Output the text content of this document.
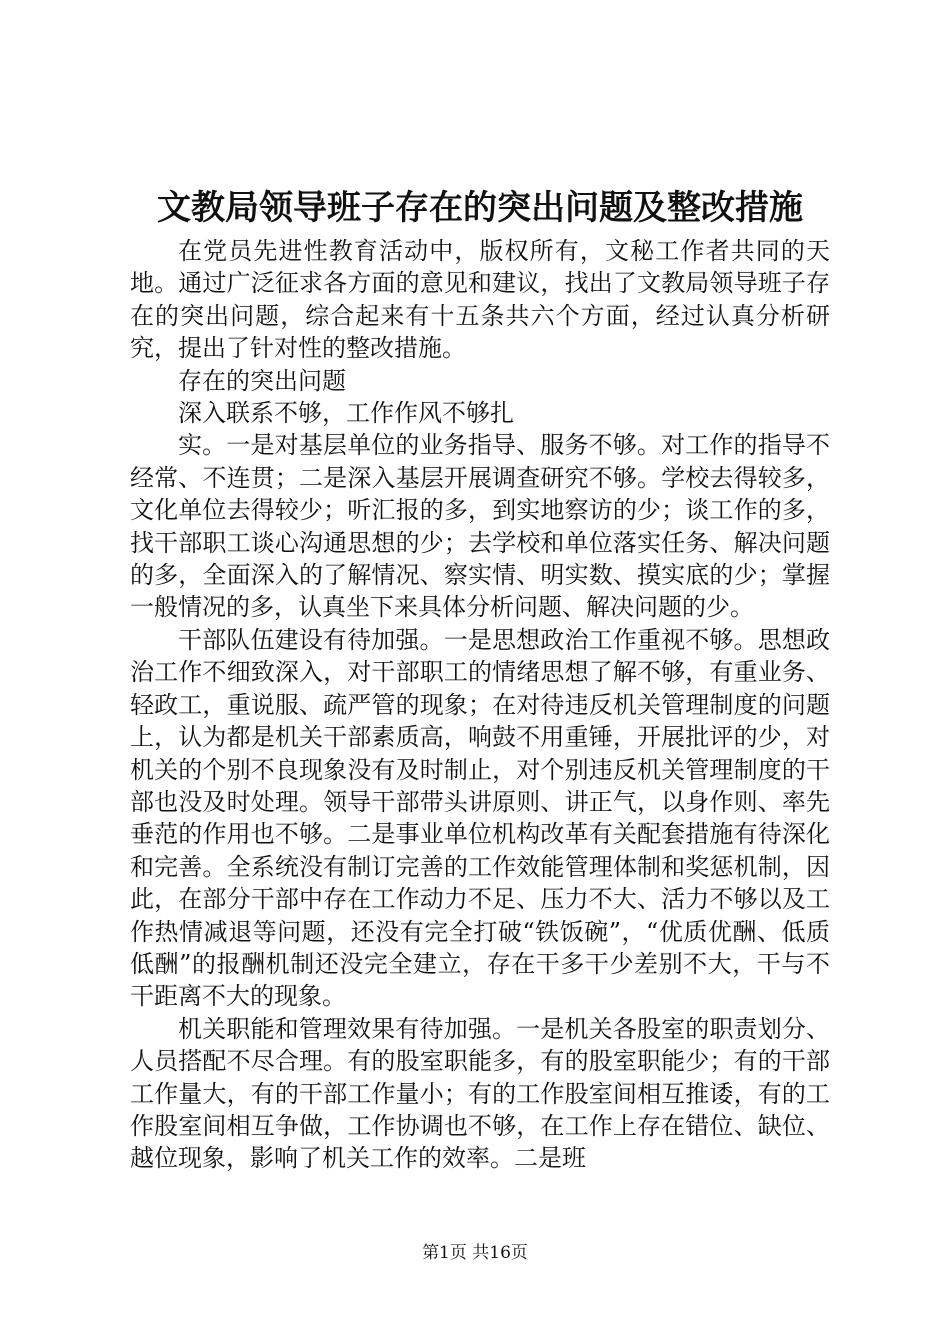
文教局领导班子存在的突出问题及整改措施

在党员先进性教育活动中，版权所有，文秘工作者共同的天地。通过广泛征求各方面的意见和建议，找出了文教局领导班子存在的突出问题，综合起来有十五条共六个方面，经过认真分析研究，提出了针对性的整改措施。

存在的突出问题

深入联系不够，工作作风不够扎

实。一是对基层单位的业务指导、服务不够。对工作的指导不经常、不连贯；二是深入基层开展调查研究不够。学校去得较多，文化单位去得较少；听汇报的多，到实地察访的少；谈工作的多，找干部职工谈心沟通思想的少；去学校和单位落实任务、解决问题的多，全面深入的了解情况、察实情、明实数、摸实底的少；掌握一般情况的多，认真坐下来具体分析问题、解决问题的少。

干部队伍建设有待加强。一是思想政治工作重视不够。思想政治工作不细致深入，对干部职工的情绪思想了解不够，有重业务、轻政工，重说服、疏严管的现象；在对待违反机关管理制度的问题上，认为都是机关干部素质高，响鼓不用重锤，开展批评的少，对机关的个别不良现象没有及时制止，对个别违反机关管理制度的干部也没及时处理。领导干部带头讲原则、讲正气，以身作则、率先垂范的作用也不够。二是事业单位机构改革有关配套措施有待深化和完善。全系统没有制订完善的工作效能管理体制和奖惩机制，因此，在部分干部中存在工作动力不足、压力不大、活力不够以及工作热情减退等问题，还没有完全打破“铁饭碗”，“优质优酬、低质低酬”的报酬机制还没完全建立，存在干多干少差别不大，干与不干距离不大的现象。

机关职能和管理效果有待加强。一是机关各股室的职责划分、人员搭配不尽合理。有的股室职能多，有的股室职能少；有的干部工作量大，有的干部工作量小；有的工作股室间相互推诿，有的工作股室间相互争做，工作协调也不够，在工作上存在错位、缺位、越位现象，影响了机关工作的效率。二是班

第1页 共16页
